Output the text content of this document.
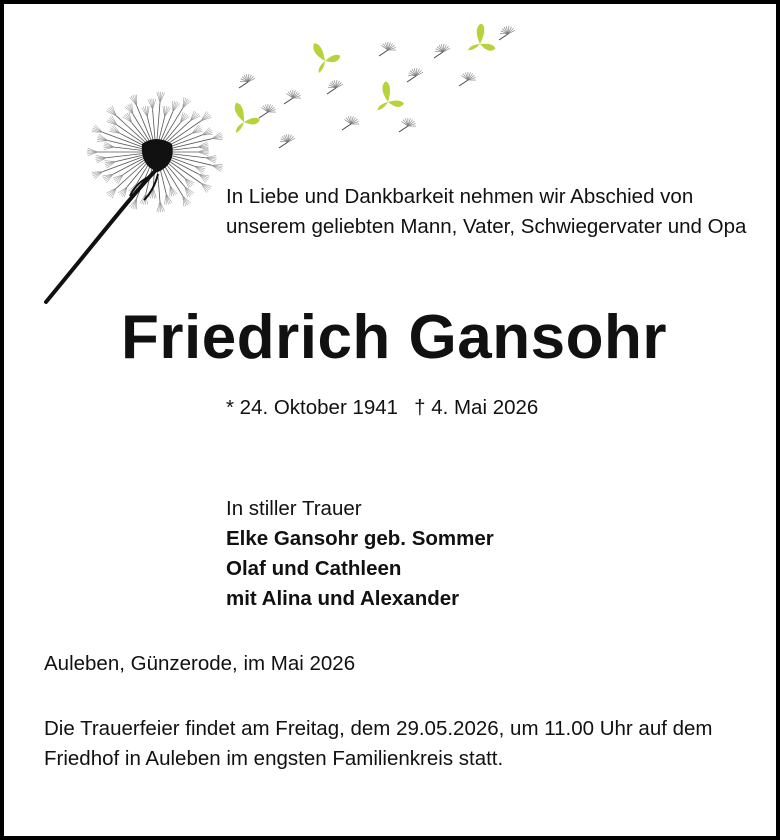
In Liebe und Dankbarkeit nehmen wir Abschied von unserem geliebten Mann, Vater, Schwiegervater und Opa
Friedrich Gansohr
* 24. Oktober 1941 † 4. Mai 2026
In stiller Trauer
Elke Gansohr geb. Sommer
Olaf und Cathleen
mit Alina und Alexander
Auleben, Günzerode, im Mai 2026
Die Trauerfeier findet am Freitag, dem 29.05.2026, um 11.00 Uhr auf dem Friedhof in Auleben im engsten Familienkreis statt.
